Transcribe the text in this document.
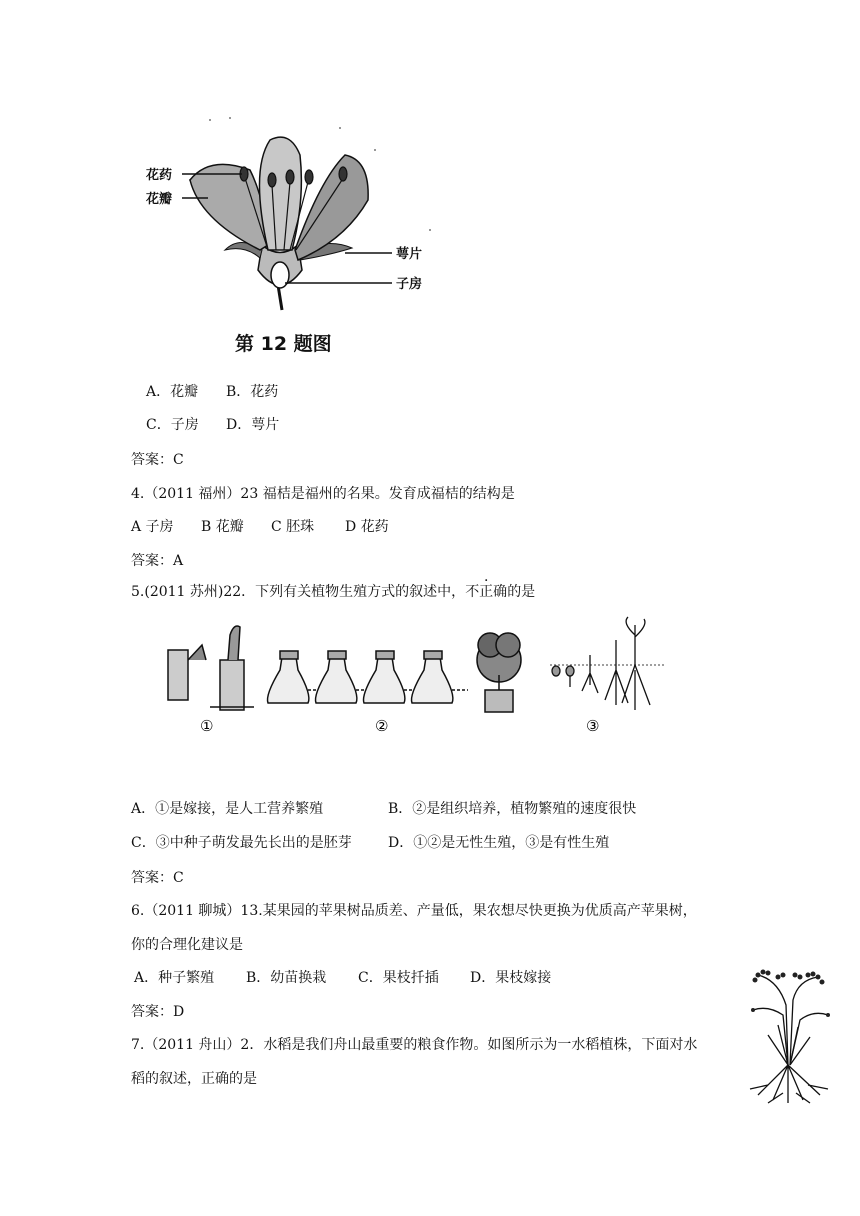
花药
花瓣
萼片
子房
第 12 题图
A．花瓣 B．花药
C．子房 D．萼片
答案：C
4.（2011 福州）23 福桔是福州的名果。发育成福桔的结构是
A 子房 B 花瓣 C 胚珠 D 花药
答案：A
5.(2011 苏州)22．下列有关植物生殖方式的叙述中，不正确的是
①	②	③
A．①是嫁接，是人工营养繁殖	B．②是组织培养，植物繁殖的速度很快
C．③中种子萌发最先长出的是胚芽	D．①②是无性生殖，③是有性生殖
答案：C
6.（2011 聊城）13.某果园的苹果树品质差、产量低，果农想尽快更换为优质高产苹果树，
你的合理化建议是
A．种子繁殖 B．幼苗换栽 C．果枝扦插 D．果枝嫁接
答案：D
7.（2011 舟山）2．水稻是我们舟山最重要的粮食作物。如图所示为一水稻植株，下面对水
稻的叙述，正确的是
